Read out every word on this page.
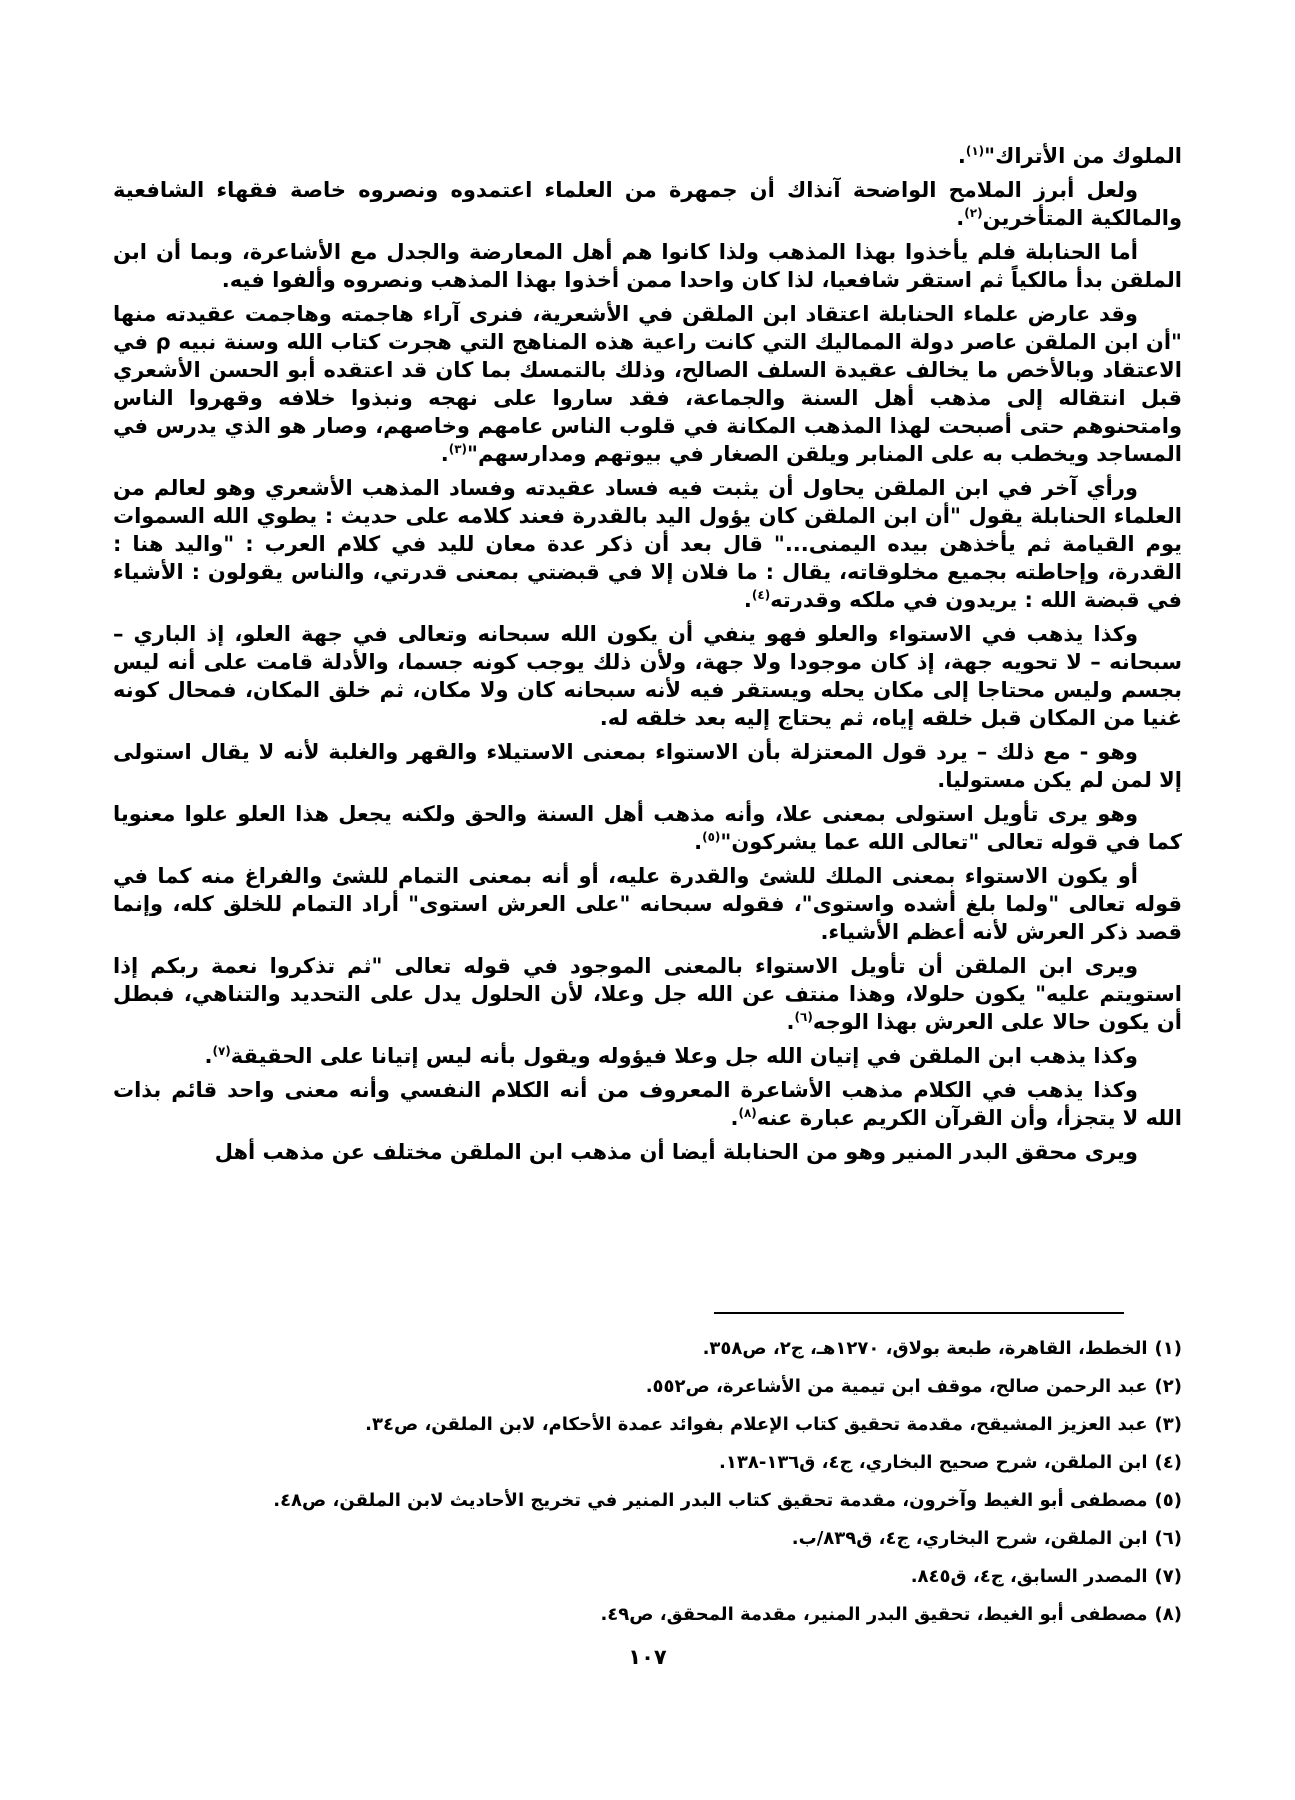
الملوك من الأتراك"$^{(١)}$.

ولعل أبرز الملامح الواضحة آنذاك أن جمهرة من العلماء اعتمدوه ونصروه خاصة فقهاء الشافعية والمالكية المتأخرين$^{(٢)}$.

أما الحنابلة فلم يأخذوا بهذا المذهب ولذا كانوا هم أهل المعارضة والجدل مع الأشاعرة، وبما أن ابن الملقن بدأ مالكياً ثم استقر شافعيا، لذا كان واحدا ممن أخذوا بهذا المذهب ونصروه وألفوا فيه.

وقد عارض علماء الحنابلة اعتقاد ابن الملقن في الأشعرية، فنرى آراء هاجمته وهاجمت عقيدته منها "أن ابن الملقن عاصر دولة المماليك التي كانت راعية هذه المناهج التي هجرت كتاب الله وسنة نبيه ρ في الاعتقاد وبالأخص ما يخالف عقيدة السلف الصالح، وذلك بالتمسك بما كان قد اعتقده أبو الحسن الأشعري قبل انتقاله إلى مذهب أهل السنة والجماعة، فقد ساروا على نهجه ونبذوا خلافه وقهروا الناس وامتحنوهم حتى أصبحت لهذا المذهب المكانة في قلوب الناس عامهم وخاصهم، وصار هو الذي يدرس في المساجد ويخطب به على المنابر ويلقن الصغار في بيوتهم ومدارسهم"$^{(٣)}$.

ورأي آخر في ابن الملقن يحاول أن يثبت فيه فساد عقيدته وفساد المذهب الأشعري وهو لعالم من العلماء الحنابلة يقول "أن ابن الملقن كان يؤول اليد بالقدرة فعند كلامه على حديث : يطوي الله السموات يوم القيامة ثم يأخذهن بيده اليمنى..." قال بعد أن ذكر عدة معان لليد في كلام العرب : "واليد هنا : القدرة، وإحاطته بجميع مخلوقاته، يقال : ما فلان إلا في قبضتي بمعنى قدرتي، والناس يقولون : الأشياء في قبضة الله : يريدون في ملكه وقدرته$^{(٤)}$.

وكذا يذهب في الاستواء والعلو فهو ينفي أن يكون الله سبحانه وتعالى في جهة العلو، إذ الباري – سبحانه – لا تحويه جهة، إذ كان موجودا ولا جهة، ولأن ذلك يوجب كونه جسما، والأدلة قامت على أنه ليس بجسم وليس محتاجا إلى مكان يحله ويستقر فيه لأنه سبحانه كان ولا مكان، ثم خلق المكان، فمحال كونه غنيا من المكان قبل خلقه إياه، ثم يحتاج إليه بعد خلقه له.

وهو - مع ذلك – يرد قول المعتزلة بأن الاستواء بمعنى الاستيلاء والقهر والغلبة لأنه لا يقال استولى إلا لمن لم يكن مستوليا.

وهو يرى تأويل استولى بمعنى علا، وأنه مذهب أهل السنة والحق ولكنه يجعل هذا العلو علوا معنويا كما في قوله تعالى "تعالى الله عما يشركون"$^{(٥)}$.

أو يكون الاستواء بمعنى الملك للشئ والقدرة عليه، أو أنه بمعنى التمام للشئ والفراغ منه كما في قوله تعالى "ولما بلغ أشده واستوى"، فقوله سبحانه "على العرش استوى" أراد التمام للخلق كله، وإنما قصد ذكر العرش لأنه أعظم الأشياء.

ويرى ابن الملقن أن تأويل الاستواء بالمعنى الموجود في قوله تعالى "ثم تذكروا نعمة ربكم إذا استويتم عليه" يكون حلولا، وهذا منتف عن الله جل وعلا، لأن الحلول يدل على التحديد والتناهي، فبطل أن يكون حالا على العرش بهذا الوجه$^{(٦)}$.

وكذا يذهب ابن الملقن في إتيان الله جل وعلا فيؤوله ويقول بأنه ليس إتيانا على الحقيقة$^{(٧)}$.

وكذا يذهب في الكلام مذهب الأشاعرة المعروف من أنه الكلام النفسي وأنه معنى واحد قائم بذات الله لا يتجزأ، وأن القرآن الكريم عبارة عنه$^{(٨)}$.

ويرى محقق البدر المنير وهو من الحنابلة أيضا أن مذهب ابن الملقن مختلف عن مذهب أهل

(١)الخطط، القاهرة، طبعة بولاق، ١٢٧٠هـ، ج٢، ص٣٥٨.
(٢)عبد الرحمن صالح، موقف ابن تيمية من الأشاعرة، ص٥٥٢.
(٣)عبد العزيز المشيقح، مقدمة تحقيق كتاب الإعلام بفوائد عمدة الأحكام، لابن الملقن، ص٣٤.
(٤)ابن الملقن، شرح صحيح البخاري، ج٤، ق١٣٦-١٣٨.
(٥)مصطفى أبو الغيط وآخرون، مقدمة تحقيق كتاب البدر المنير في تخريج الأحاديث لابن الملقن، ص٤٨.
(٦)ابن الملقن، شرح البخاري، ج٤، ق٨٣٩/ب.
(٧)المصدر السابق، ج٤، ق٨٤٥.
(٨)مصطفى أبو الغيط، تحقيق البدر المنير، مقدمة المحقق، ص٤٩.
١٠٧
